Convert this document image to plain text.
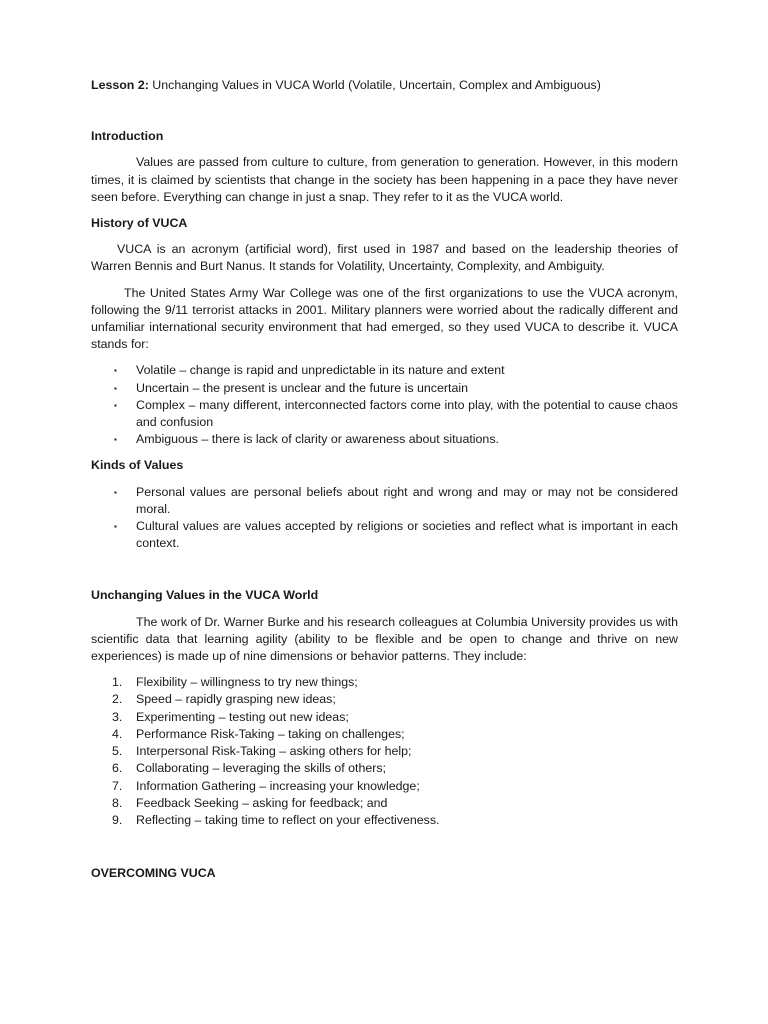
Lesson 2: Unchanging Values in VUCA World (Volatile, Uncertain, Complex and Ambiguous)
Introduction

Values are passed from culture to culture, from generation to generation. However, in this modern times, it is claimed by scientists that change in the society has been happening in a pace they have never seen before. Everything can change in just a snap. They refer to it as the VUCA world.

History of VUCA

VUCA is an acronym (artificial word), first used in 1987 and based on the leadership theories of Warren Bennis and Burt Nanus. It stands for Volatility, Uncertainty, Complexity, and Ambiguity.

The United States Army War College was one of the first organizations to use the VUCA acronym, following the 9/11 terrorist attacks in 2001. Military planners were worried about the radically different and unfamiliar international security environment that had emerged, so they used VUCA to describe it. VUCA stands for:

▪ Volatile – change is rapid and unpredictable in its nature and extent
▪ Uncertain – the present is unclear and the future is uncertain
▪ Complex – many different, interconnected factors come into play, with the potential to cause chaos and confusion
▪ Ambiguous – there is lack of clarity or awareness about situations.
Kinds of Values
▪ Personal values are personal beliefs about right and wrong and may or may not be considered moral.
▪ Cultural values are values accepted by religions or societies and reflect what is important in each context.
Unchanging Values in the VUCA World

The work of Dr. Warner Burke and his research colleagues at Columbia University provides us with scientific data that learning agility (ability to be flexible and be open to change and thrive on new experiences) is made up of nine dimensions or behavior patterns. They include:

1. Flexibility – willingness to try new things;
2. Speed – rapidly grasping new ideas;
3. Experimenting – testing out new ideas;
4. Performance Risk-Taking – taking on challenges;
5. Interpersonal Risk-Taking – asking others for help;
6. Collaborating – leveraging the skills of others;
7. Information Gathering – increasing your knowledge;
8. Feedback Seeking – asking for feedback; and
9. Reflecting – taking time to reflect on your effectiveness.
OVERCOMING VUCA
